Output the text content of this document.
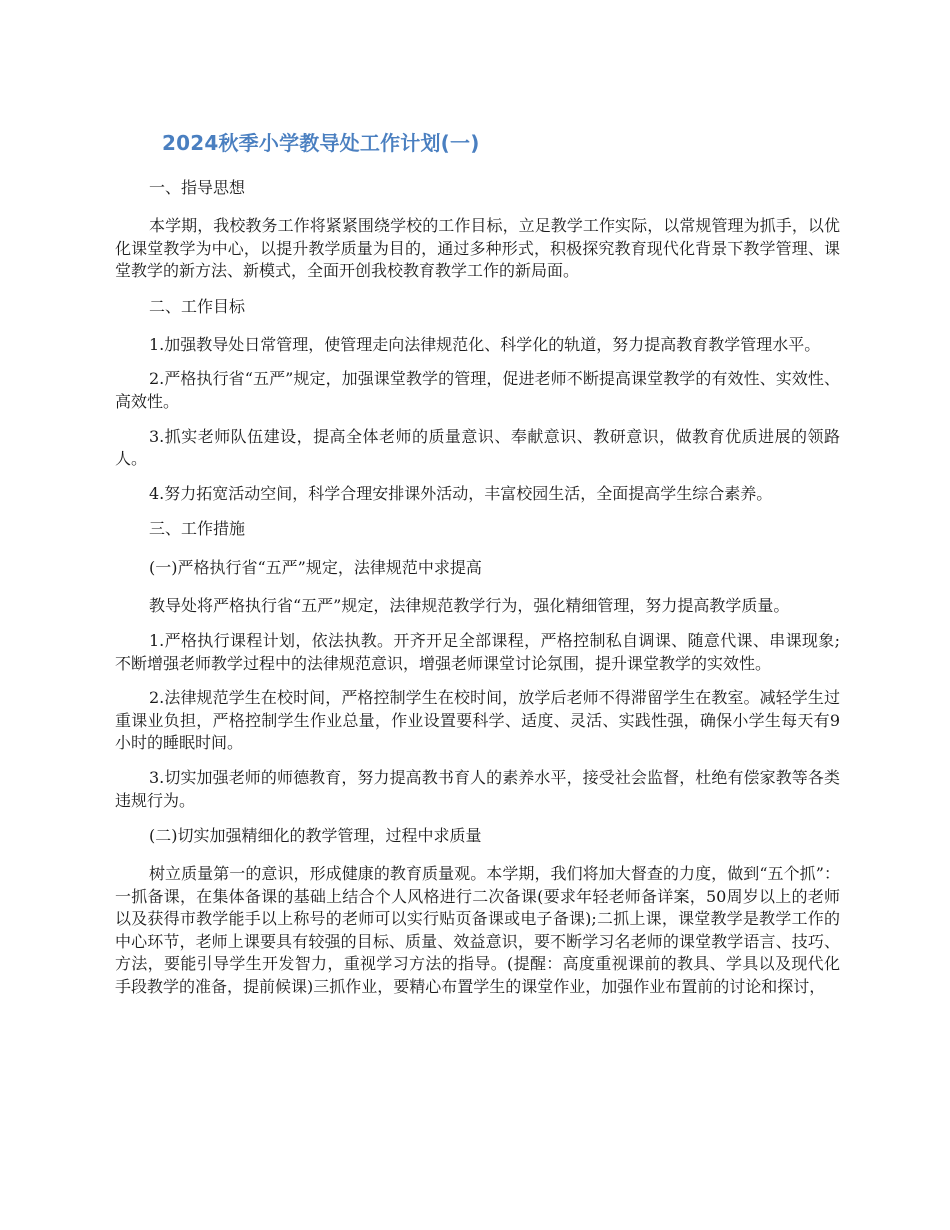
2024秋季小学教导处工作计划(一)
一、指导思想
本学期，我校教务工作将紧紧围绕学校的工作目标，立足教学工作实际，以常规管理为抓手，以优化课堂教学为中心，以提升教学质量为目的，通过多种形式，积极探究教育现代化背景下教学管理、课堂教学的新方法、新模式，全面开创我校教育教学工作的新局面。
二、工作目标
1.加强教导处日常管理，使管理走向法律规范化、科学化的轨道，努力提高教育教学管理水平。
2.严格执行省“五严”规定，加强课堂教学的管理，促进老师不断提高课堂教学的有效性、实效性、高效性。
3.抓实老师队伍建设，提高全体老师的质量意识、奉献意识、教研意识，做教育优质进展的领路人。
4.努力拓宽活动空间，科学合理安排课外活动，丰富校园生活，全面提高学生综合素养。
三、工作措施
(一)严格执行省“五严”规定，法律规范中求提高
教导处将严格执行省“五严”规定，法律规范教学行为，强化精细管理，努力提高教学质量。
1.严格执行课程计划，依法执教。开齐开足全部课程，严格控制私自调课、随意代课、串课现象;不断增强老师教学过程中的法律规范意识，增强老师课堂讨论氛围，提升课堂教学的实效性。
2.法律规范学生在校时间，严格控制学生在校时间，放学后老师不得滞留学生在教室。减轻学生过重课业负担，严格控制学生作业总量，作业设置要科学、适度、灵活、实践性强，确保小学生每天有9小时的睡眠时间。
3.切实加强老师的师德教育，努力提高教书育人的素养水平，接受社会监督，杜绝有偿家教等各类违规行为。
(二)切实加强精细化的教学管理，过程中求质量
树立质量第一的意识，形成健康的教育质量观。本学期，我们将加大督查的力度，做到“五个抓”：一抓备课，在集体备课的基础上结合个人风格进行二次备课(要求年轻老师备详案，50周岁以上的老师以及获得市教学能手以上称号的老师可以实行贴页备课或电子备课);二抓上课，课堂教学是教学工作的中心环节，老师上课要具有较强的目标、质量、效益意识，要不断学习名老师的课堂教学语言、技巧、方法，要能引导学生开发智力，重视学习方法的指导。(提醒：高度重视课前的教具、学具以及现代化手段教学的准备，提前候课)三抓作业，要精心布置学生的课堂作业，加强作业布置前的讨论和探讨，
